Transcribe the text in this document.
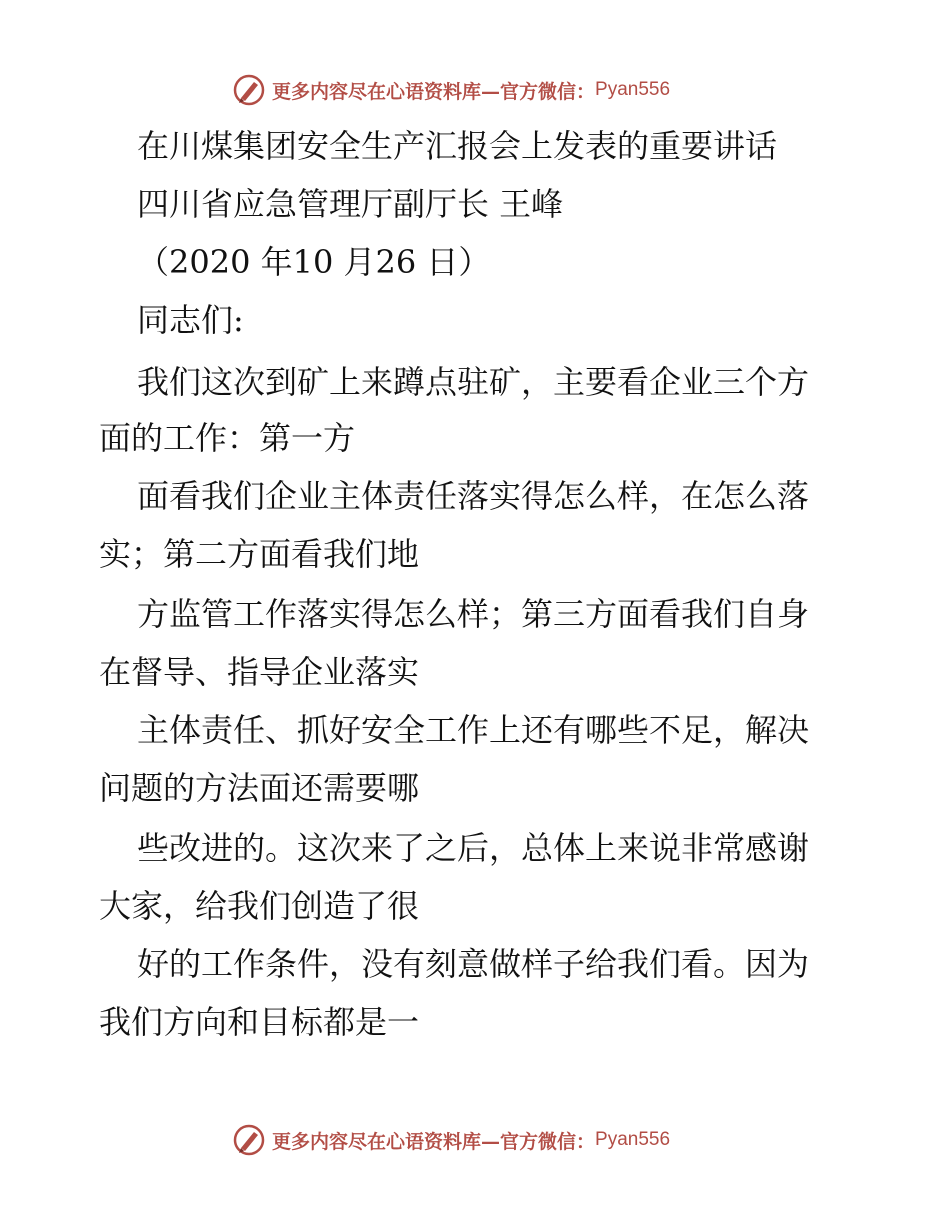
更多内容尽在心语资料库—官方微信： Pyan556
在川煤集团安全生产汇报会上发表的重要讲话
四川省应急管理厅副厅长 王峰
（2020 年10 月26 日）
同志们:
我们这次到矿上来蹲点驻矿，主要看企业三个方
面的工作：第一方
面看我们企业主体责任落实得怎么样，在怎么落
实；第二方面看我们地
方监管工作落实得怎么样；第三方面看我们自身
在督导、指导企业落实
主体责任、抓好安全工作上还有哪些不足，解决
问题的方法面还需要哪
些改进的。这次来了之后，总体上来说非常感谢
大家，给我们创造了很
好的工作条件，没有刻意做样子给我们看。因为
我们方向和目标都是一
更多内容尽在心语资料库—官方微信： Pyan556
